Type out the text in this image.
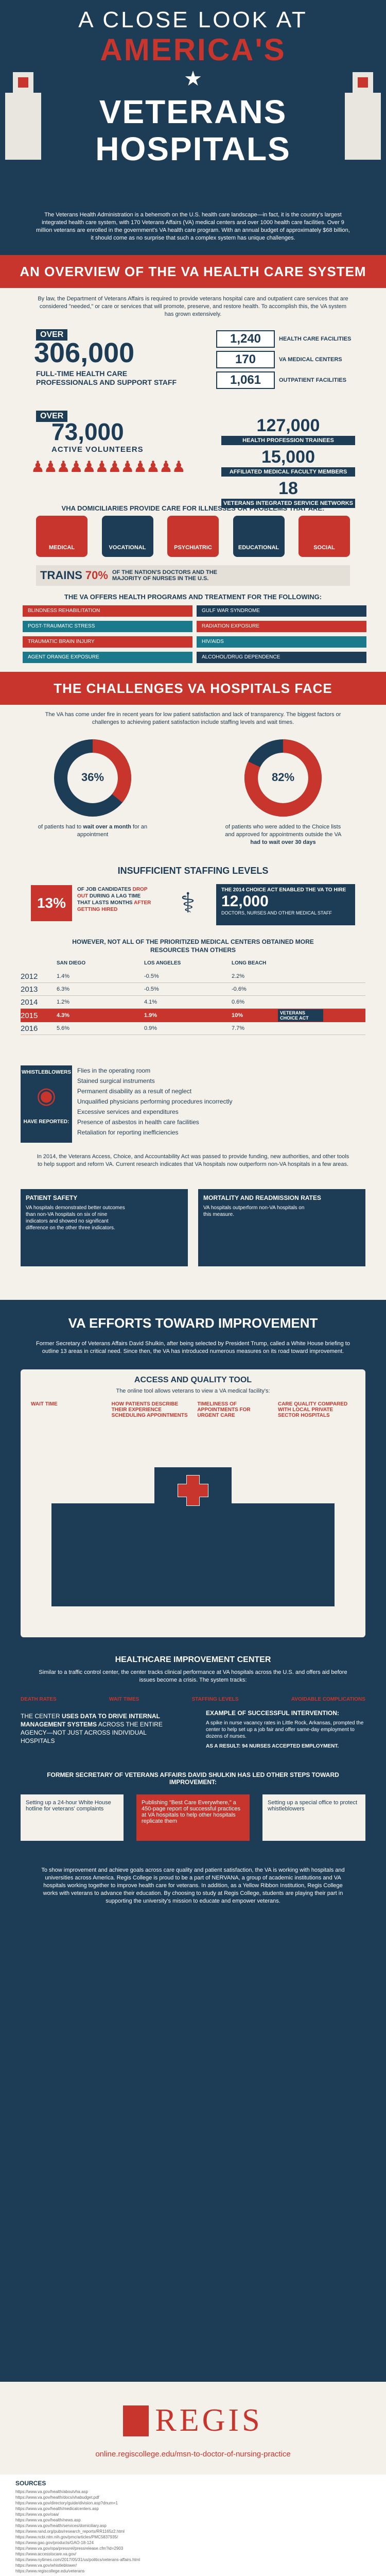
A CLOSE LOOK AT
AMERICA'S
★
VETERANS
HOSPITALS
The Veterans Health Administration is a behemoth on the U.S. health care landscape—in fact, it is the country's largest integrated health care system, with 170 Veterans Affairs (VA) medical centers and over 1000 health care facilities. Over 9 million veterans are enrolled in the government's VA health care program. With an annual budget of approximately $68 billion, it should come as no surprise that such a complex system has unique challenges.
AN OVERVIEW OF THE VA HEALTH CARE SYSTEM
By law, the Department of Veterans Affairs is required to provide veterans hospital care and outpatient care services that are considered "needed," or care or services that will promote, preserve, and restore health. To accomplish this, the VA system has grown extensively.
OVER
306,000
FULL-TIME HEALTH CARE PROFESSIONALS AND SUPPORT STAFF
1,240	HEALTH CARE FACILITIES
170	VA MEDICAL CENTERS
1,061	OUTPATIENT FACILITIES
OVER
73,000
ACTIVE VOLUNTEERS
♟♟♟♟♟♟♟♟♟♟♟♟
127,000
HEALTH PROFESSION TRAINEES
15,000
AFFILIATED MEDICAL FACULTY MEMBERS
18
VETERANS INTEGRATED SERVICE NETWORKS
VHA DOMICILIARIES PROVIDE CARE FOR ILLNESSES OR PROBLEMS THAT ARE:
MEDICAL	VOCATIONAL	PSYCHIATRIC	EDUCATIONAL	SOCIAL
TRAINS 70% OF THE NATION'S DOCTORS AND THE MAJORITY OF NURSES IN THE U.S.
THE VA OFFERS HEALTH PROGRAMS AND TREATMENT FOR THE FOLLOWING:
BLINDNESS REHABILITATION	GULF WAR SYNDROME
POST-TRAUMATIC STRESS	RADIATION EXPOSURE
TRAUMATIC BRAIN INJURY	HIV/AIDS
AGENT ORANGE EXPOSURE	ALCOHOL/DRUG DEPENDENCE
THE CHALLENGES VA HOSPITALS FACE
The VA has come under fire in recent years for low patient satisfaction and lack of transparency. The biggest factors or challenges to achieving patient satisfaction include staffing levels and wait times.
36%
of patients had to wait over a month for an appointment
82%
of patients who were added to the Choice lists and approved for appointments outside the VA had to wait over 30 days
INSUFFICIENT STAFFING LEVELS
13%
OF JOB CANDIDATES DROP OUT DURING A LAG TIME THAT LASTS MONTHS AFTER GETTING HIRED	⚕	THE 2014 CHOICE ACT ENABLED THE VA TO HIRE
12,000
DOCTORS, NURSES AND OTHER MEDICAL STAFF
HOWEVER, NOT ALL OF THE PRIORITIZED MEDICAL CENTERS OBTAINED MORE RESOURCES THAN OTHERS
SAN DIEGO	LOS ANGELES	LONG BEACH
2012	1.4%	-0.5%	2.2%
2013	6.3%	-0.5%	-0.6%
2014	1.2%	4.1%	0.6%
2015	4.3%	1.9%	10%	VETERANS CHOICE ACT
2016	5.6%	0.9%	7.7%
WHISTLEBLOWERS
◉
HAVE REPORTED:
Flies in the operating room
Stained surgical instruments
Permanent disability as a result of neglect
Unqualified physicians performing procedures incorrectly
Excessive services and expenditures
Presence of asbestos in health care facilities
Retaliation for reporting inefficiencies
In 2014, the Veterans Access, Choice, and Accountability Act was passed to provide funding, new authorities, and other tools to help support and reform VA. Current research indicates that VA hospitals now outperform non-VA hospitals in a few areas.
PATIENT SAFETY
VA hospitals demonstrated better outcomes than non-VA hospitals on six of nine indicators and showed no significant difference on the other three indicators.
MORTALITY AND READMISSION RATES
VA hospitals outperform non-VA hospitals on this measure.
VA EFFORTS TOWARD IMPROVEMENT
Former Secretary of Veterans Affairs David Shulkin, after being selected by President Trump, called a White House briefing to outline 13 areas in critical need. Since then, the VA has introduced numerous measures on its road toward improvement.
ACCESS AND QUALITY TOOL
The online tool allows veterans to view a VA medical facility's:
WAIT TIME	HOW PATIENTS DESCRIBE THEIR EXPERIENCE SCHEDULING APPOINTMENTS
TIMELINESS OF APPOINTMENTS FOR URGENT CARE
CARE QUALITY COMPARED WITH LOCAL PRIVATE SECTOR HOSPITALS
HEALTHCARE IMPROVEMENT CENTER
Similar to a traffic control center, the center tracks clinical performance at VA hospitals across the U.S. and offers aid before issues become a crisis. The system tracks:
DEATH RATES	WAIT TIMES	STAFFING LEVELS	AVOIDABLE COMPLICATIONS
THE CENTER USES DATA TO DRIVE INTERNAL MANAGEMENT SYSTEMS ACROSS THE ENTIRE AGENCY—NOT JUST ACROSS INDIVIDUAL HOSPITALS
EXAMPLE OF SUCCESSFUL INTERVENTION:
A spike in nurse vacancy rates in Little Rock, Arkansas, prompted the center to help set up a job fair and offer same-day employment to dozens of nurses.
AS A RESULT: 94 NURSES ACCEPTED EMPLOYMENT.
FORMER SECRETARY OF VETERANS AFFAIRS DAVID SHULKIN HAS LED OTHER STEPS TOWARD IMPROVEMENT:
Setting up a 24-hour White House hotline for veterans' complaints
Publishing "Best Care Everywhere," a 450-page report of successful practices at VA hospitals to help other hospitals replicate them
Setting up a special office to protect whistleblowers
To show improvement and achieve goals across care quality and patient satisfaction, the VA is working with hospitals and universities across America. Regis College is proud to be a part of NERVANA, a group of academic institutions and VA hospitals working together to improve health care for veterans. In addition, as a Yellow Ribbon Institution, Regis College works with veterans to advance their education. By choosing to study at Regis College, students are playing their part in supporting the university's mission to educate and empower veterans.
REGIS
online.regiscollege.edu/msn-to-doctor-of-nursing-practice
SOURCES
https://www.va.gov/health/aboutvha.asp
https://www.va.gov/health/docs/vhabudget.pdf
https://www.va.gov/directory/guide/division.asp?dnum=1
https://www.va.gov/health/medicalcenters.asp
https://www.va.gov/oaa/
https://www.va.gov/health/news.asp
https://www.va.gov/health/services/domiciliary.asp
https://www.rand.org/pubs/research_reports/RR1165z2.html
https://www.ncbi.nlm.nih.gov/pmc/articles/PMC5837935/
https://www.gao.gov/products/GAO-18-124
https://www.va.gov/opa/pressrel/pressrelease.cfm?id=2903
https://www.accesstocare.va.gov/
https://www.nytimes.com/2017/05/31/us/politics/veterans-affairs.html
https://www.va.gov/whistleblower/
https://www.regiscollege.edu/veterans
